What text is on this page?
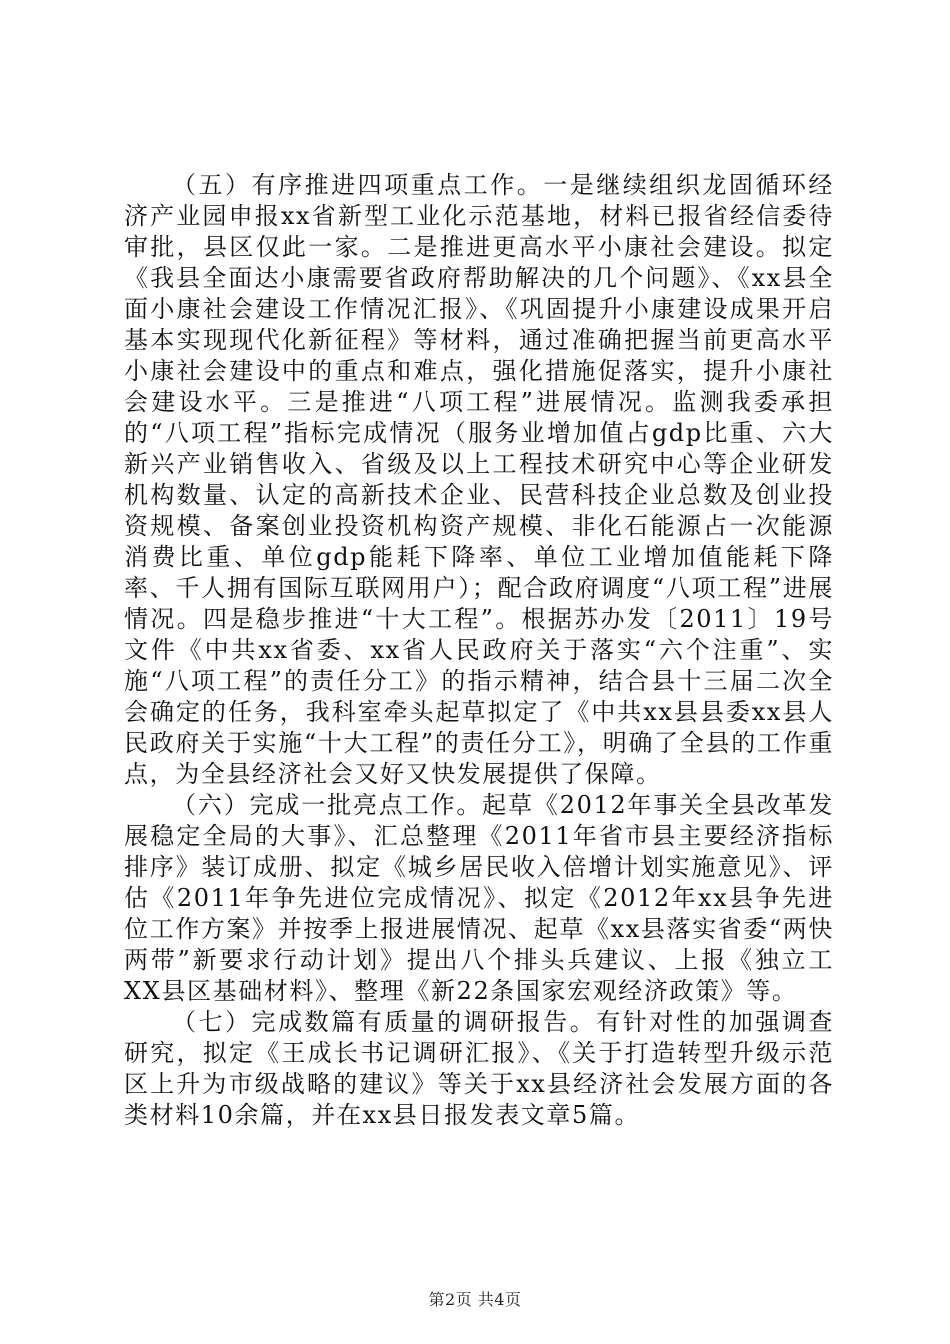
（五）有序推进四项重点工作。一是继续组织龙固循环经济产业园申报xx省新型工业化示范基地，材料已报省经信委待审批，县区仅此一家。二是推进更高水平小康社会建设。拟定《我县全面达小康需要省政府帮助解决的几个问题》、《xx县全面小康社会建设工作情况汇报》、《巩固提升小康建设成果开启基本实现现代化新征程》等材料，通过准确把握当前更高水平小康社会建设中的重点和难点，强化措施促落实，提升小康社会建设水平。三是推进“八项工程”进展情况。监测我委承担的“八项工程”指标完成情况（服务业增加值占gdp比重、六大新兴产业销售收入、省级及以上工程技术研究中心等企业研发机构数量、认定的高新技术企业、民营科技企业总数及创业投资规模、备案创业投资机构资产规模、非化石能源占一次能源消费比重、单位gdp能耗下降率、单位工业增加值能耗下降率、千人拥有国际互联网用户）；配合政府调度“八项工程”进展情况。四是稳步推进“十大工程”。根据苏办发〔2011〕19号文件《中共xx省委、xx省人民政府关于落实“六个注重”、实施“八项工程”的责任分工》的指示精神，结合县十三届二次全会确定的任务，我科室牵头起草拟定了《中共xx县县委xx县人民政府关于实施“十大工程”的责任分工》，明确了全县的工作重点，为全县经济社会又好又快发展提供了保障。

（六）完成一批亮点工作。起草《2012年事关全县改革发展稳定全局的大事》、汇总整理《2011年省市县主要经济指标排序》装订成册、拟定《城乡居民收入倍增计划实施意见》、评估《2011年争先进位完成情况》、拟定《2012年xx县争先进位工作方案》并按季上报进展情况、起草《xx县落实省委“两快两带”新要求行动计划》提出八个排头兵建议、上报《独立工XX县区基础材料》、整理《新22条国家宏观经济政策》等。

（七）完成数篇有质量的调研报告。有针对性的加强调查研究，拟定《王成长书记调研汇报》、《关于打造转型升级示范区上升为市级战略的建议》等关于xx县经济社会发展方面的各类材料10余篇，并在xx县日报发表文章5篇。

第2页 共4页
